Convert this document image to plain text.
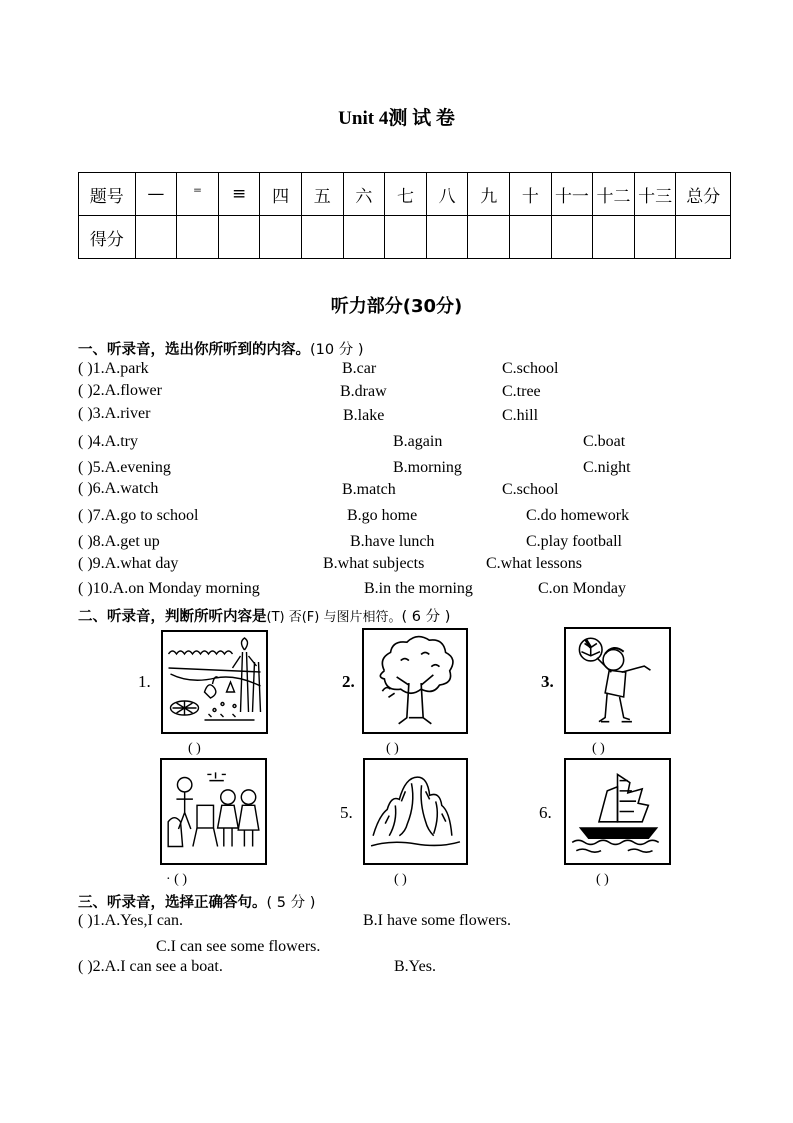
Unit 4测 试 卷
题号	—	⁼	≡	四	五	六	七	八	九	十	十一	十二	十三	总分
得分														
听力部分(30分)
一、听录音，选出你所听到的内容。(10 分 )
( )1.A.park	B.car	C.school
( )2.A.flower	B.draw	C.tree
( )3.A.river	B.lake	C.hill
( )4.A.try	B.again	C.boat
( )5.A.evening	B.morning	C.night
( )6.A.watch	B.match	C.school
( )7.A.go to school	B.go home	C.do homework
( )8.A.get up	B.have lunch	C.play football
( )9.A.what day	B.what subjects	C.what lessons
( )10.A.on Monday morning	B.in the morning	C.on Monday
二、听录音，判断所听内容是(T) 否(F) 与图片相符。( 6 分 )
1.
( )
2.
( )
3.
( )
· ( )
5.
( )
6.
( )
三、听录音，选择正确答句。( 5 分 )
( )1.A.Yes,I can.	B.I have some flowers.
C.I can see some flowers.
( )2.A.I can see a boat.	B.Yes.
